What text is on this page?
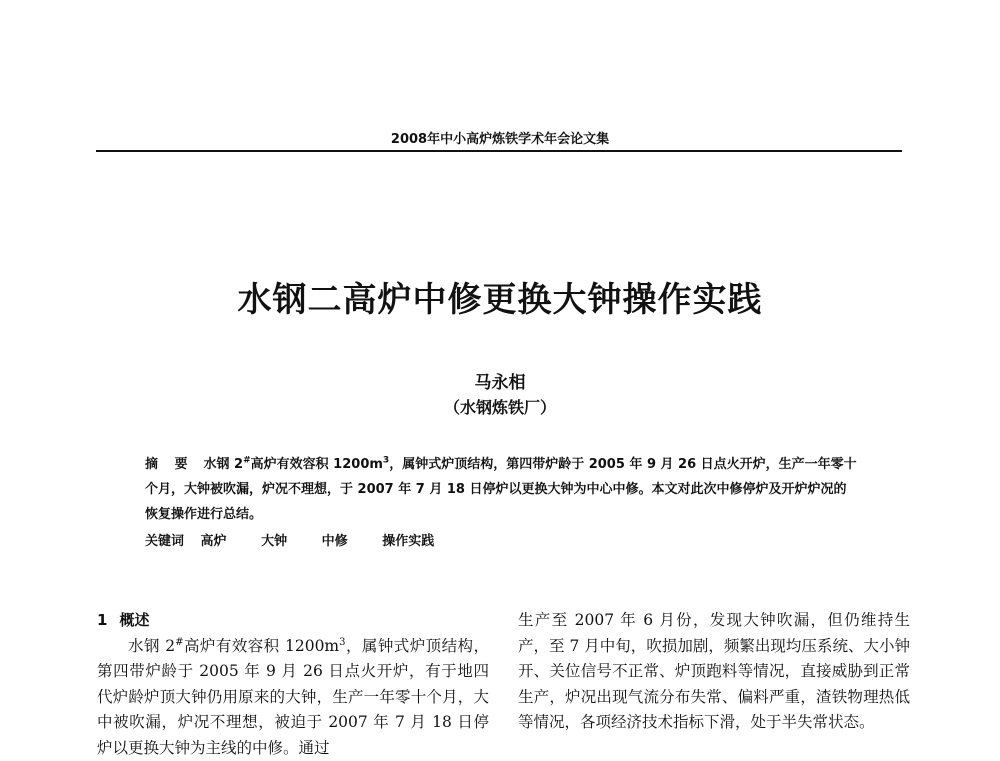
2008年中小高炉炼铁学术年会论文集
水钢二高炉中修更换大钟操作实践
马永相
（水钢炼铁厂）
摘 要 水钢 2#高炉有效容积 $1200m^3$，属钟式炉顶结构，第四带炉龄于 2005 年 9 月 26 日点火开炉，生产一年零十个月，大钟被吹漏，炉况不理想，于 2007 年 7 月 18 日停炉以更换大钟为中心中修。本文对此次中修停炉及开炉炉况的恢复操作进行总结。
关键词 高炉	大钟	中修	操作实践
1 概述
水钢 2#高炉有效容积 $1200m^3$，属钟式炉顶结构，第四带炉龄于 2005 年 9 月 26 日点火开炉，有于地四代炉龄炉顶大钟仍用原来的大钟，生产一年零十个月，大中被吹漏，炉况不理想，被迫于 2007 年 7 月 18 日停炉以更换大钟为主线的中修。通过
生产至 2007 年 6 月份，发现大钟吹漏，但仍维持生产，至 7 月中旬，吹损加剧，频繁出现均压系统、大小钟开、关位信号不正常、炉顶跑料等情况，直接威胁到正常生产，炉况出现气流分布失常、偏料严重，渣铁物理热低等情况，各项经济技术指标下滑，处于半失常状态。
